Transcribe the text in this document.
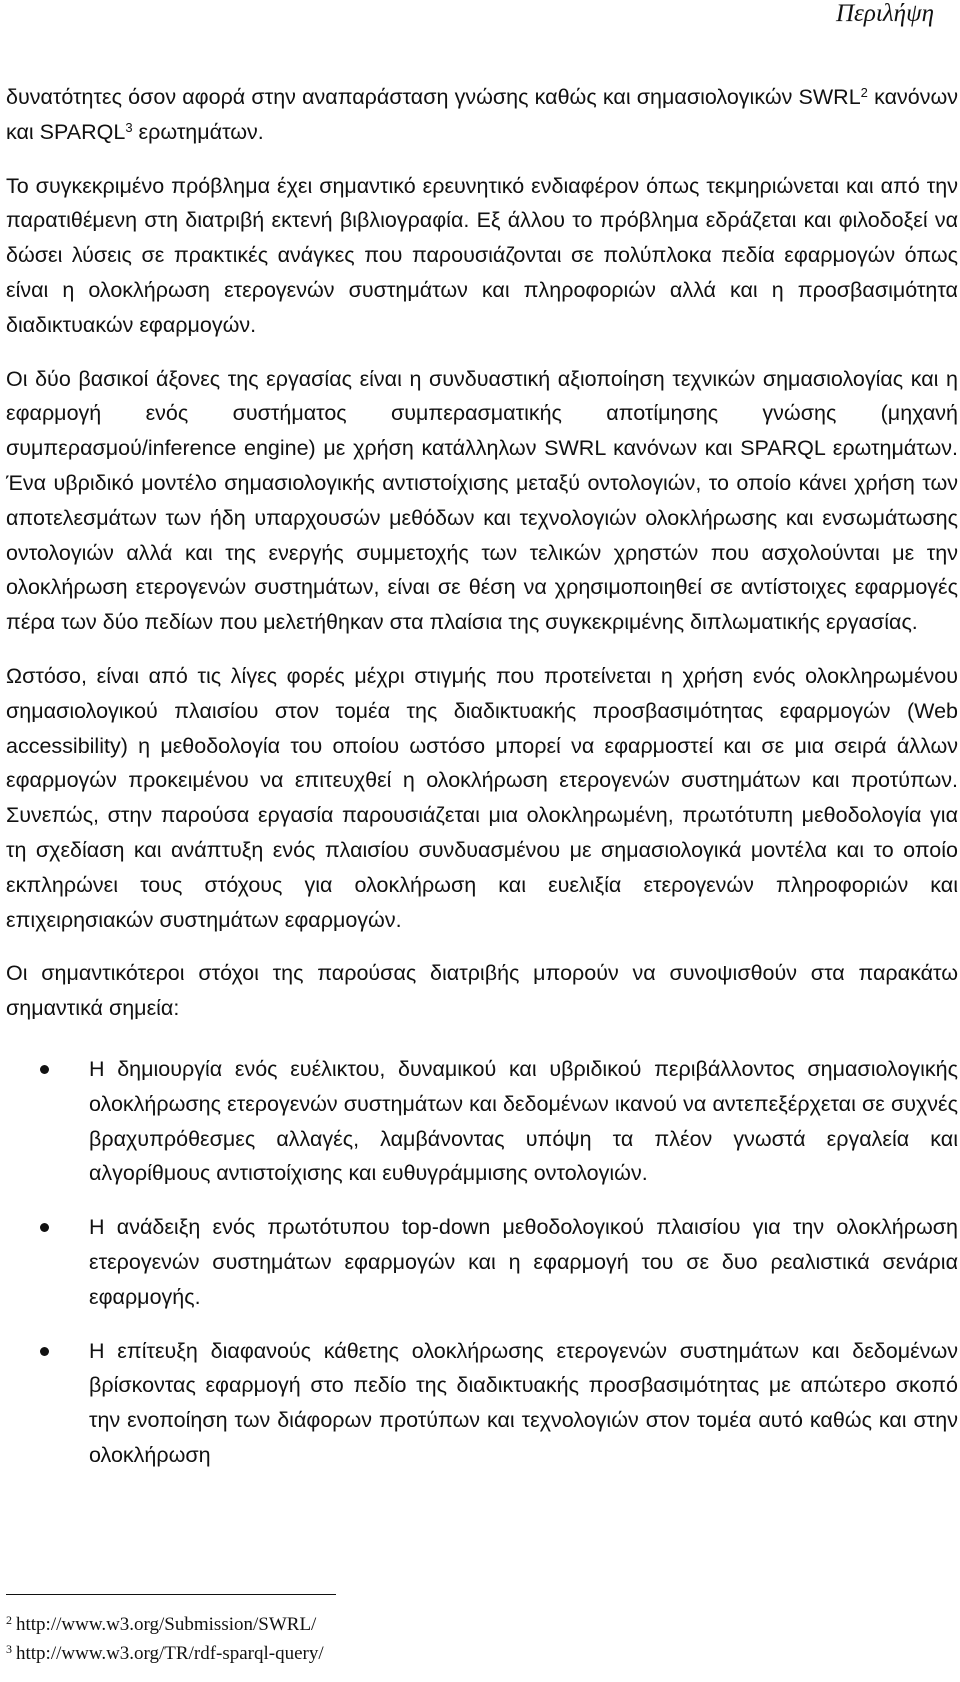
Περιλήψη

δυνατότητες όσον αφορά στην αναπαράσταση γνώσης καθώς και σημασιολογικών SWRL$^2$ κανόνων και SPARQL$^3$ ερωτημάτων.

Το συγκεκριμένο πρόβλημα έχει σημαντικό ερευνητικό ενδιαφέρον όπως τεκμηριώνεται και από την παρατιθέμενη στη διατριβή εκτενή βιβλιογραφία. Εξ άλλου το πρόβλημα εδράζεται και φιλοδοξεί να δώσει λύσεις σε πρακτικές ανάγκες που παρουσιάζονται σε πολύπλοκα πεδία εφαρμογών όπως είναι η ολοκλήρωση ετερογενών συστημάτων και πληροφοριών αλλά και η προσβασιμότητα διαδικτυακών εφαρμογών.

Οι δύο βασικοί άξονες της εργασίας είναι η συνδυαστική αξιοποίηση τεχνικών σημασιολογίας και η εφαρμογή ενός συστήματος συμπερασματικής αποτίμησης γνώσης (μηχανή συμπερασμού/inference engine) με χρήση κατάλληλων SWRL κανόνων και SPARQL ερωτημάτων. Ένα υβριδικό μοντέλο σημασιολογικής αντιστοίχισης μεταξύ οντολογιών, το οποίο κάνει χρήση των αποτελεσμάτων των ήδη υπαρχουσών μεθόδων και τεχνολογιών ολοκλήρωσης και ενσωμάτωσης οντολογιών αλλά και της ενεργής συμμετοχής των τελικών χρηστών που ασχολούνται με την ολοκλήρωση ετερογενών συστημάτων, είναι σε θέση να χρησιμοποιηθεί σε αντίστοιχες εφαρμογές πέρα των δύο πεδίων που μελετήθηκαν στα πλαίσια της συγκεκριμένης διπλωματικής εργασίας.

Ωστόσο, είναι από τις λίγες φορές μέχρι στιγμής που προτείνεται η χρήση ενός ολοκληρωμένου σημασιολογικού πλαισίου στον τομέα της διαδικτυακής προσβασιμότητας εφαρμογών (Web accessibility) η μεθοδολογία του οποίου ωστόσο μπορεί να εφαρμοστεί και σε μια σειρά άλλων εφαρμογών προκειμένου να επιτευχθεί η ολοκλήρωση ετερογενών συστημάτων και προτύπων. Συνεπώς, στην παρούσα εργασία παρουσιάζεται μια ολοκληρωμένη, πρωτότυπη μεθοδολογία για τη σχεδίαση και ανάπτυξη ενός πλαισίου συνδυασμένου με σημασιολογικά μοντέλα και το οποίο εκπληρώνει τους στόχους για ολοκλήρωση και ευελιξία ετερογενών πληροφοριών και επιχειρησιακών συστημάτων εφαρμογών.

Οι σημαντικότεροι στόχοι της παρούσας διατριβής μπορούν να συνοψισθούν στα παρακάτω σημαντικά σημεία:

Η δημιουργία ενός ευέλικτου, δυναμικού και υβριδικού περιβάλλοντος σημασιολογικής ολοκλήρωσης ετερογενών συστημάτων και δεδομένων ικανού να αντεπεξέρχεται σε συχνές βραχυπρόθεσμες αλλαγές, λαμβάνοντας υπόψη τα πλέον γνωστά εργαλεία και αλγορίθμους αντιστοίχισης και ευθυγράμμισης οντολογιών.
Η ανάδειξη ενός πρωτότυπου top-down μεθοδολογικού πλαισίου για την ολοκλήρωση ετερογενών συστημάτων εφαρμογών και η εφαρμογή του σε δυο ρεαλιστικά σενάρια εφαρμογής.
Η επίτευξη διαφανούς κάθετης ολοκλήρωσης ετερογενών συστημάτων και δεδομένων βρίσκοντας εφαρμογή στο πεδίο της διαδικτυακής προσβασιμότητας με απώτερο σκοπό την ενοποίηση των διάφορων προτύπων και τεχνολογιών στον τομέα αυτό καθώς και στην ολοκλήρωση
$^2$ http://www.w3.org/Submission/SWRL/
$^3$ http://www.w3.org/TR/rdf-sparql-query/
